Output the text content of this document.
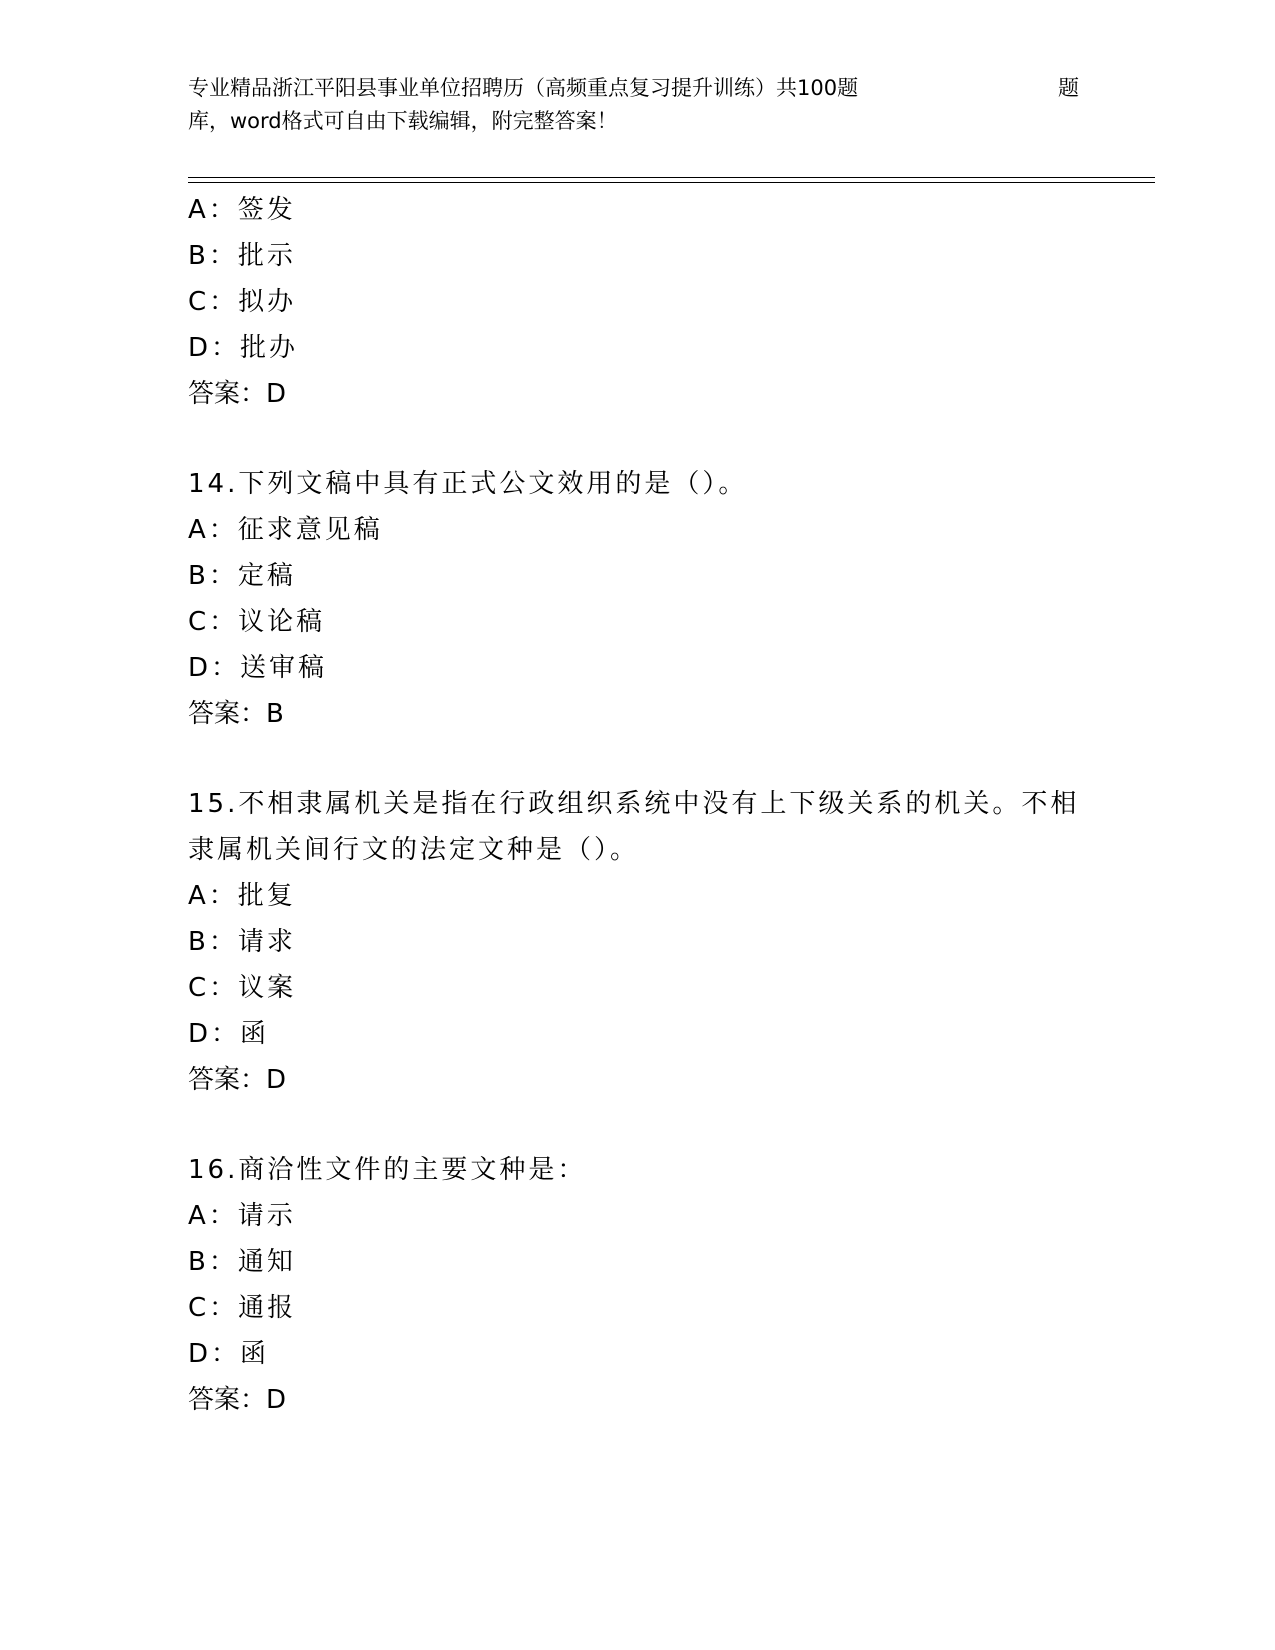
专业精品浙江平阳县事业单位招聘历（高频重点复习提升训练）共100题	题
库，word格式可自由下载编辑，附完整答案！
A：签发
B：批示
C：拟办
D：批办
答案：D
14.下列文稿中具有正式公文效用的是（）。
A：征求意见稿
B：定稿
C：议论稿
D：送审稿
答案：B
15.不相隶属机关是指在行政组织系统中没有上下级关系的机关。不相
隶属机关间行文的法定文种是（）。
A：批复
B：请求
C：议案
D：函
答案：D
16.商洽性文件的主要文种是：
A：请示
B：通知
C：通报
D：函
答案：D
